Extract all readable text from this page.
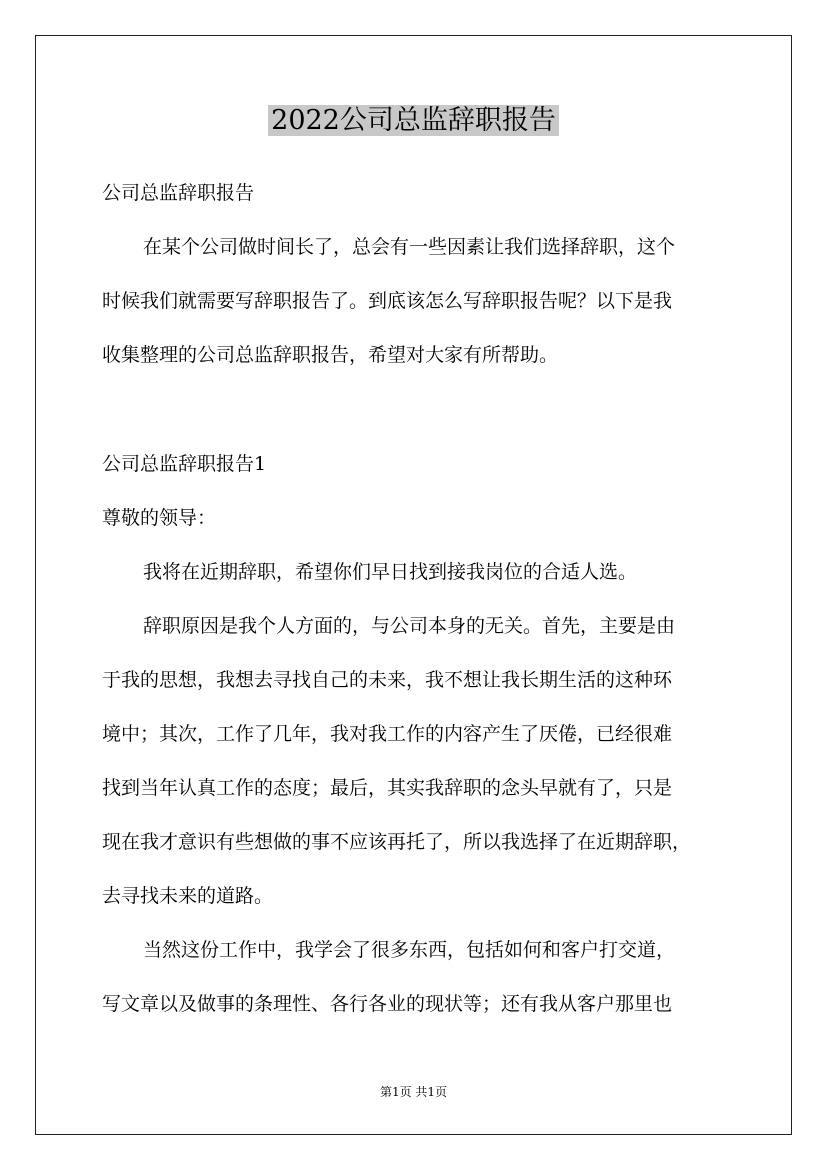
2022公司总监辞职报告
公司总监辞职报告
在某个公司做时间长了，总会有一些因素让我们选择辞职，这个
时候我们就需要写辞职报告了。到底该怎么写辞职报告呢？以下是我
收集整理的公司总监辞职报告，希望对大家有所帮助。
公司总监辞职报告1
尊敬的领导：
我将在近期辞职，希望你们早日找到接我岗位的合适人选。
辞职原因是我个人方面的，与公司本身的无关。首先，主要是由
于我的思想，我想去寻找自己的未来，我不想让我长期生活的这种环
境中；其次，工作了几年，我对我工作的内容产生了厌倦，已经很难
找到当年认真工作的态度；最后，其实我辞职的念头早就有了，只是
现在我才意识有些想做的事不应该再托了，所以我选择了在近期辞职，
去寻找未来的道路。
当然这份工作中，我学会了很多东西，包括如何和客户打交道，
写文章以及做事的条理性、各行各业的现状等；还有我从客户那里也
第1页 共1页
